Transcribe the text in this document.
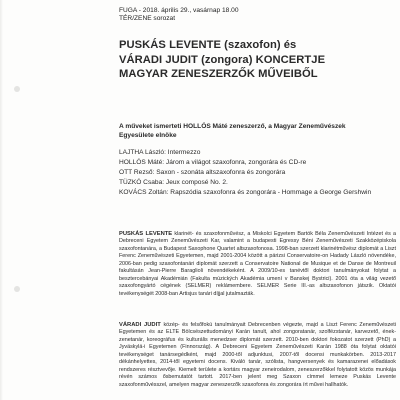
FUGA - 2018. április 29., vasárnap 18.00
TÉR/ZENE sorozat
PUSKÁS LEVENTE (szaxofon) és
VÁRADI JUDIT (zongora) KONCERTJE
MAGYAR ZENESZERZŐK MŰVEIBŐL
A műveket ismerteti HOLLÓS Máté zeneszerző, a Magyar Zeneművészek
Egyesülete elnöke
LAJTHA László: Intermezzo
HOLLÓS Máté: Járom a világot szaxofonra, zongorára és CD-re
OTT Rezső: Saxon - szonáta altszaxofonra és zongorára
TÜZKÓ Csaba: Jeux composé No. 2.
KOVÁCS Zoltán: Rapszódia szaxofonra és zongorára - Hommage a George Gershwin

PUSKÁS LEVENTE klarinét- és szaxofonművész, a Miskolci Egyetem Bartók Béla Zeneművészeti Intézet és a Debreceni Egyetem Zeneművészeti Kar, valamint a budapesti Egressy Béni Zeneművészeti Szakközépiskola szaxofontanára, a Budapest Saxophone Quartet altszaxofonosa. 1998-ban szerzett klarinétművész diplomát a Liszt Ferenc Zeneművészeti Egyetemen, majd 2001-2004 között a párizsi Conservatoire-on Hadady László növendéke, 2006-ban pedig szaxofontanári diplomát szerzett a Conservatoire National de Musique et de Danse de Montreuil fakultásán Jean-Pierre Baraglioli növendékeként. A 2009/10-es tanévtől doktori tanulmányokat folytat a besztercebányai Akadémián (Fakulta múzických Akadémia umení v Banskej Bystrici). 2001 óta a világ vezető szaxofongyártó cégének (SELMER) reklámembere. SELMER Serie III.-as altszaxofonon játszik. Oktatói tevékenységét 2008-ban Artisjus tanári díjjal jutalmazták.

VÁRADI JUDIT közép- és felsőfokú tanulmányait Debrecenben végezte, majd a Liszt Ferenc Zeneművészeti Egyetemen és az ELTE Bölcsészettudományi Karán tanult, ahol zongoratanár, szolfézstanár, karvezető, ének-zenetanár, koreográfus és kulturális menedzser diplomát szerzett. 2010-ben doktori fokozatot szerzett (PhD) a Jyväskylä-i Egyetemen (Finnország). A Debreceni Egyetem Zeneművészeti Karán 1988 óta folytat oktatói tevékenységet tanársegédként, majd 2000-től adjunktusi, 2007-től docensi munkakörben. 2013-2017 dékánhelyettes, 2014-től egyetemi docens. Kiváló tanár, szólista, hangversenyek és kamarazenei előadások rendszeres résztvevője. Kiemelt területe a kortárs magyar zeneirodalom, zeneszerzőkkel folytatott közös munkája révén számos ősbemutatót tartott. 2017-ben jelent meg Szaxon címmel lemeze Puskás Levente szaxofonművésszel, amelyen magyar zeneszerzők szaxofonra és zongorára írt művei hallhatók.
